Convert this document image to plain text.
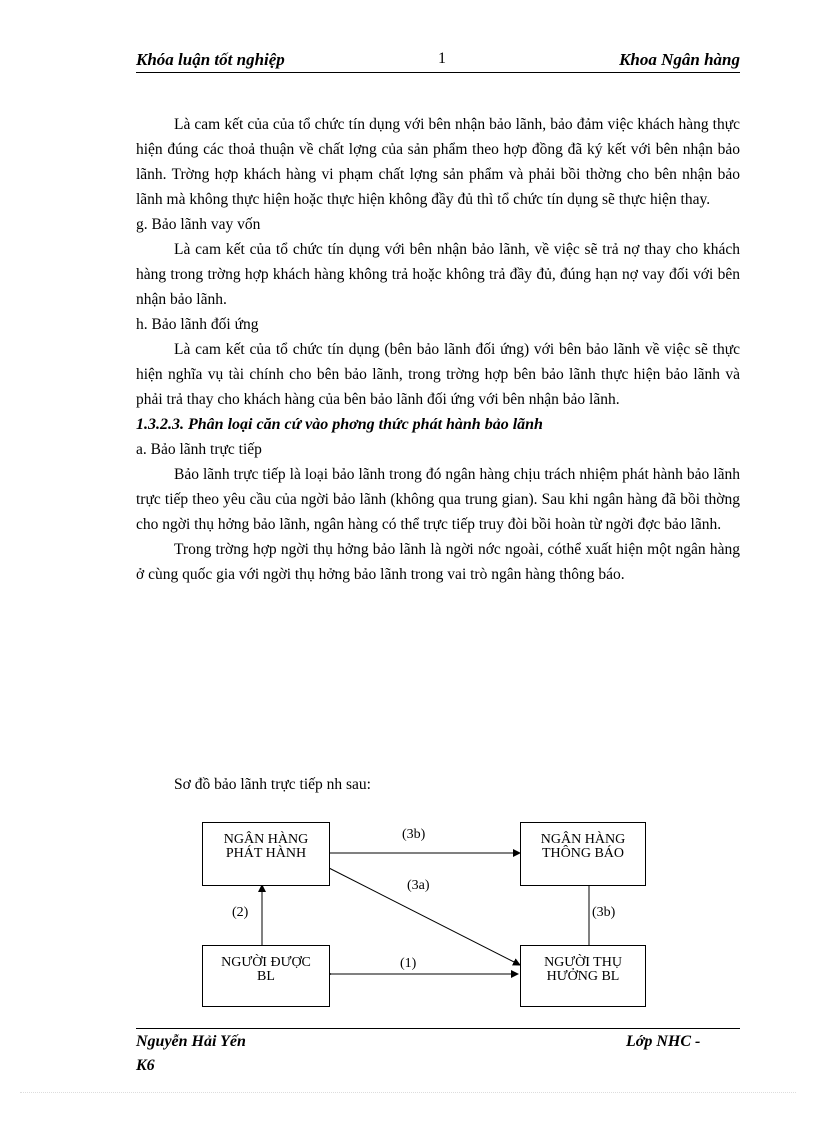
Khóa luận tốt nghiệp	1	Khoa Ngân hàng

Là cam kết của của tổ chức tín dụng với bên nhận bảo lãnh, bảo đảm việc khách hàng thực hiện đúng các thoả thuận về chất lợng của sản phẩm theo hợp đồng đã ký kết với bên nhận bảo lãnh. Trờng hợp khách hàng vi phạm chất lợng sản phẩm và phải bồi thờng cho bên nhận bảo lãnh mà không thực hiện hoặc thực hiện không đầy đủ thì tổ chức tín dụng sẽ thực hiện thay.

g. Bảo lãnh vay vốn

Là cam kết của tổ chức tín dụng với bên nhận bảo lãnh, về việc sẽ trả nợ thay cho khách hàng trong trờng hợp khách hàng không trả hoặc không trả đầy đủ, đúng hạn nợ vay đối với bên nhận bảo lãnh.

h. Bảo lãnh đối ứng

Là cam kết của tổ chức tín dụng (bên bảo lãnh đối ứng) với bên bảo lãnh về việc sẽ thực hiện nghĩa vụ tài chính cho bên bảo lãnh, trong trờng hợp bên bảo lãnh thực hiện bảo lãnh và phải trả thay cho khách hàng của bên bảo lãnh đối ứng với bên nhận bảo lãnh.

1.3.2.3. Phân loại căn cứ vào phơng thức phát hành bảo lãnh

a. Bảo lãnh trực tiếp

Bảo lãnh trực tiếp là loại bảo lãnh trong đó ngân hàng chịu trách nhiệm phát hành bảo lãnh trực tiếp theo yêu cầu của ngời bảo lãnh (không qua trung gian). Sau khi ngân hàng đã bồi thờng cho ngời thụ hởng bảo lãnh, ngân hàng có thể trực tiếp truy đòi bồi hoàn từ ngời đợc bảo lãnh.

Trong trờng hợp ngời thụ hởng bảo lãnh là ngời nớc ngoài, cóthể xuất hiện một ngân hàng ở cùng quốc gia với ngời thụ hởng bảo lãnh trong vai trò ngân hàng thông báo.

Sơ đồ bảo lãnh trực tiếp nh sau:
NGÂN HÀNG
PHÁT HÀNH
NGÂN HÀNG
THÔNG BÁO
NGƯỜI ĐƯỢC
BL
NGƯỜI THỤ
HƯỞNG BL
(3b)
(3a)
(2)	(3b)
(1)
Nguyễn Hải Yến	Lớp NHC -
K6
